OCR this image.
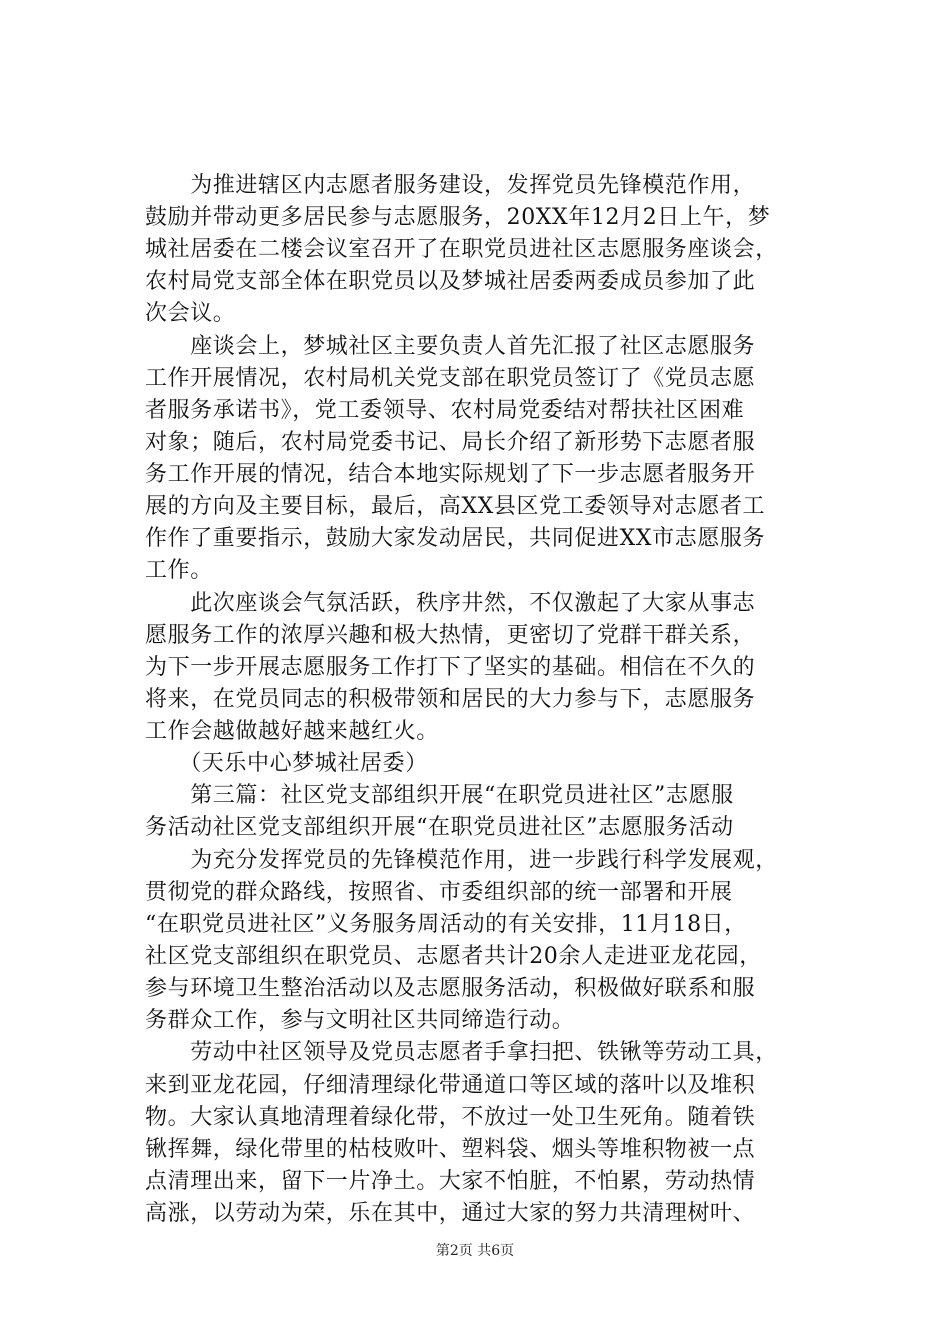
　　为推进辖区内志愿者服务建设，发挥党员先锋模范作用，
鼓励并带动更多居民参与志愿服务，20XX年12月2日上午，梦
城社居委在二楼会议室召开了在职党员进社区志愿服务座谈会，
农村局党支部全体在职党员以及梦城社居委两委成员参加了此
次会议。
　　座谈会上，梦城社区主要负责人首先汇报了社区志愿服务
工作开展情况，农村局机关党支部在职党员签订了《党员志愿
者服务承诺书》，党工委领导、农村局党委结对帮扶社区困难
对象；随后，农村局党委书记、局长介绍了新形势下志愿者服
务工作开展的情况，结合本地实际规划了下一步志愿者服务开
展的方向及主要目标，最后，高XX县区党工委领导对志愿者工
作作了重要指示，鼓励大家发动居民，共同促进XX市志愿服务
工作。
　　此次座谈会气氛活跃，秩序井然，不仅激起了大家从事志
愿服务工作的浓厚兴趣和极大热情，更密切了党群干群关系，
为下一步开展志愿服务工作打下了坚实的基础。相信在不久的
将来，在党员同志的积极带领和居民的大力参与下，志愿服务
工作会越做越好越来越红火。
　　（天乐中心梦城社居委）
　　第三篇：社区党支部组织开展“在职党员进社区”志愿服
务活动社区党支部组织开展“在职党员进社区”志愿服务活动
　　为充分发挥党员的先锋模范作用，进一步践行科学发展观，
贯彻党的群众路线，按照省、市委组织部的统一部署和开展
“在职党员进社区”义务服务周活动的有关安排，11月18日，
社区党支部组织在职党员、志愿者共计20余人走进亚龙花园，
参与环境卫生整治活动以及志愿服务活动，积极做好联系和服
务群众工作，参与文明社区共同缔造行动。
　　劳动中社区领导及党员志愿者手拿扫把、铁锹等劳动工具，
来到亚龙花园，仔细清理绿化带通道口等区域的落叶以及堆积
物。大家认真地清理着绿化带，不放过一处卫生死角。随着铁
锹挥舞，绿化带里的枯枝败叶、塑料袋、烟头等堆积物被一点
点清理出来，留下一片净土。大家不怕脏，不怕累，劳动热情
高涨，以劳动为荣，乐在其中，通过大家的努力共清理树叶、
第2页 共6页
